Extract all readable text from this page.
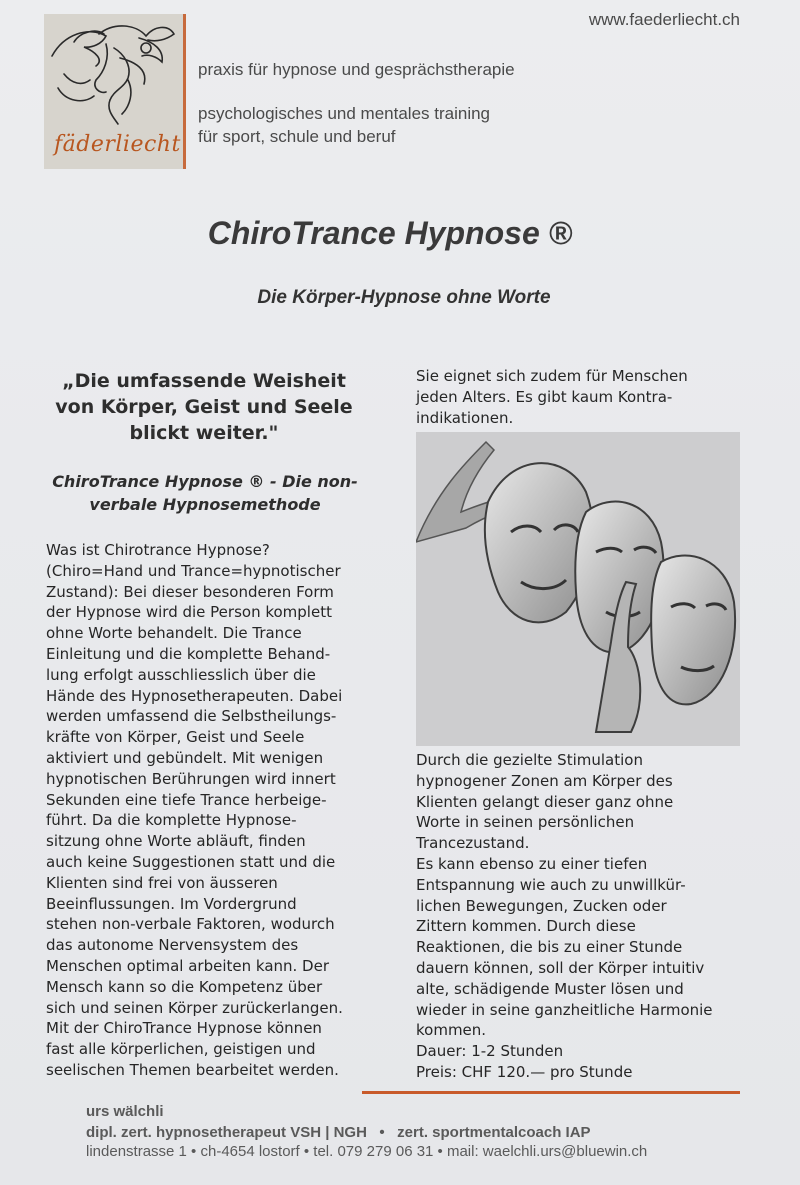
www.faederliecht.ch
fäderliecht
praxis für hypnose und gesprächstherapie
psychologisches und mentales training
für sport, schule und beruf
ChiroTrance Hypnose ®
Die Körper-Hypnose ohne Worte
„Die umfassende Weisheit von Körper, Geist und Seele blickt weiter."
ChiroTrance Hypnose ® - Die non-verbale Hypnosemethode
Was ist Chirotrance Hypnose?
(Chiro=Hand und Trance=hypnotischer
Zustand): Bei dieser besonderen Form
der Hypnose wird die Person komplett
ohne Worte behandelt. Die Trance
Einleitung und die komplette Behand-
lung erfolgt ausschliesslich über die
Hände des Hypnosetherapeuten. Dabei
werden umfassend die Selbstheilungs-
kräfte von Körper, Geist und Seele
aktiviert und gebündelt. Mit wenigen
hypnotischen Berührungen wird innert
Sekunden eine tiefe Trance herbeige-
führt. Da die komplette Hypnose-
sitzung ohne Worte abläuft, finden
auch keine Suggestionen statt und die
Klienten sind frei von äusseren
Beeinflussungen. Im Vordergrund
stehen non-verbale Faktoren, wodurch
das autonome Nervensystem des
Menschen optimal arbeiten kann. Der
Mensch kann so die Kompetenz über
sich und seinen Körper zurückerlangen.
Mit der ChiroTrance Hypnose können
fast alle körperlichen, geistigen und
seelischen Themen bearbeitet werden.
Sie eignet sich zudem für Menschen
jeden Alters. Es gibt kaum Kontra-
indikationen.
Durch die gezielte Stimulation
hypnogener Zonen am Körper des
Klienten gelangt dieser ganz ohne
Worte in seinen persönlichen
Trancezustand.
Es kann ebenso zu einer tiefen
Entspannung wie auch zu unwillkür-
lichen Bewegungen, Zucken oder
Zittern kommen. Durch diese
Reaktionen, die bis zu einer Stunde
dauern können, soll der Körper intuitiv
alte, schädigende Muster lösen und
wieder in seine ganzheitliche Harmonie
kommen.
Dauer: 1-2 Stunden
Preis: CHF 120.— pro Stunde
urs wälchli
dipl. zert. hypnosetherapeut VSH | NGH   •   zert. sportmentalcoach IAP
lindenstrasse 1 • ch-4654 lostorf • tel. 079 279 06 31 • mail: waelchli.urs@bluewin.ch
